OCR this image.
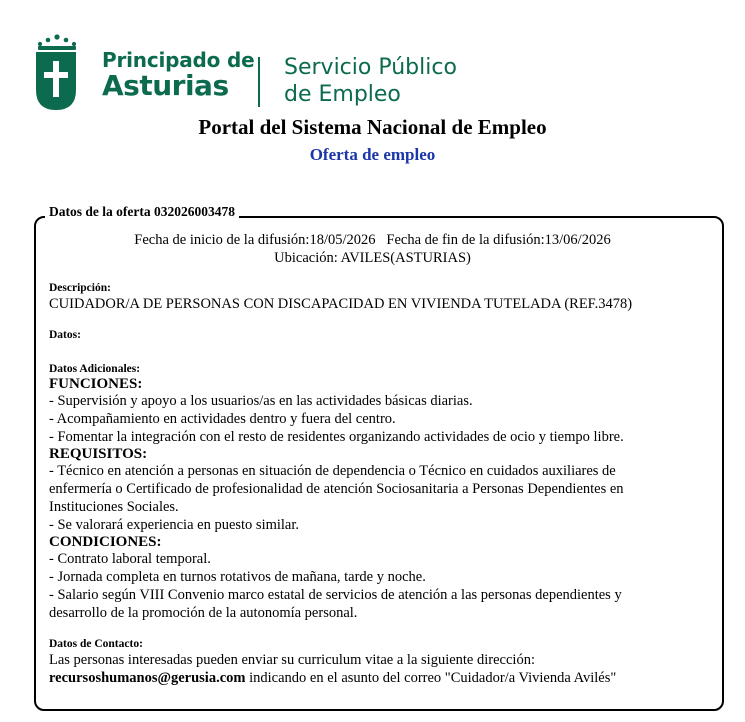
Principado de
Asturias
Servicio Público
de Empleo
Portal del Sistema Nacional de Empleo
Oferta de empleo
Datos de la oferta 032026003478
Fecha de inicio de la difusión:18/05/2026   Fecha de fin de la difusión:13/06/2026
Ubicación: AVILES(ASTURIAS)
Descripción:
CUIDADOR/A DE PERSONAS CON DISCAPACIDAD EN VIVIENDA TUTELADA (REF.3478)
Datos:
Datos Adicionales:
FUNCIONES:
- Supervisión y apoyo a los usuarios/as en las actividades básicas diarias.
- Acompañamiento en actividades dentro y fuera del centro.
- Fomentar la integración con el resto de residentes organizando actividades de ocio y tiempo libre.
REQUISITOS:
- Técnico en atención a personas en situación de dependencia o Técnico en cuidados auxiliares de
enfermería o Certificado de profesionalidad de atención Sociosanitaria a Personas Dependientes en
Instituciones Sociales.
- Se valorará experiencia en puesto similar.
CONDICIONES:
- Contrato laboral temporal.
- Jornada completa en turnos rotativos de mañana, tarde y noche.
- Salario según VIII Convenio marco estatal de servicios de atención a las personas dependientes y
desarrollo de la promoción de la autonomía personal.
Datos de Contacto:
Las personas interesadas pueden enviar su curriculum vitae a la siguiente dirección:
recursoshumanos@gerusia.com indicando en el asunto del correo "Cuidador/a Vivienda Avilés"
